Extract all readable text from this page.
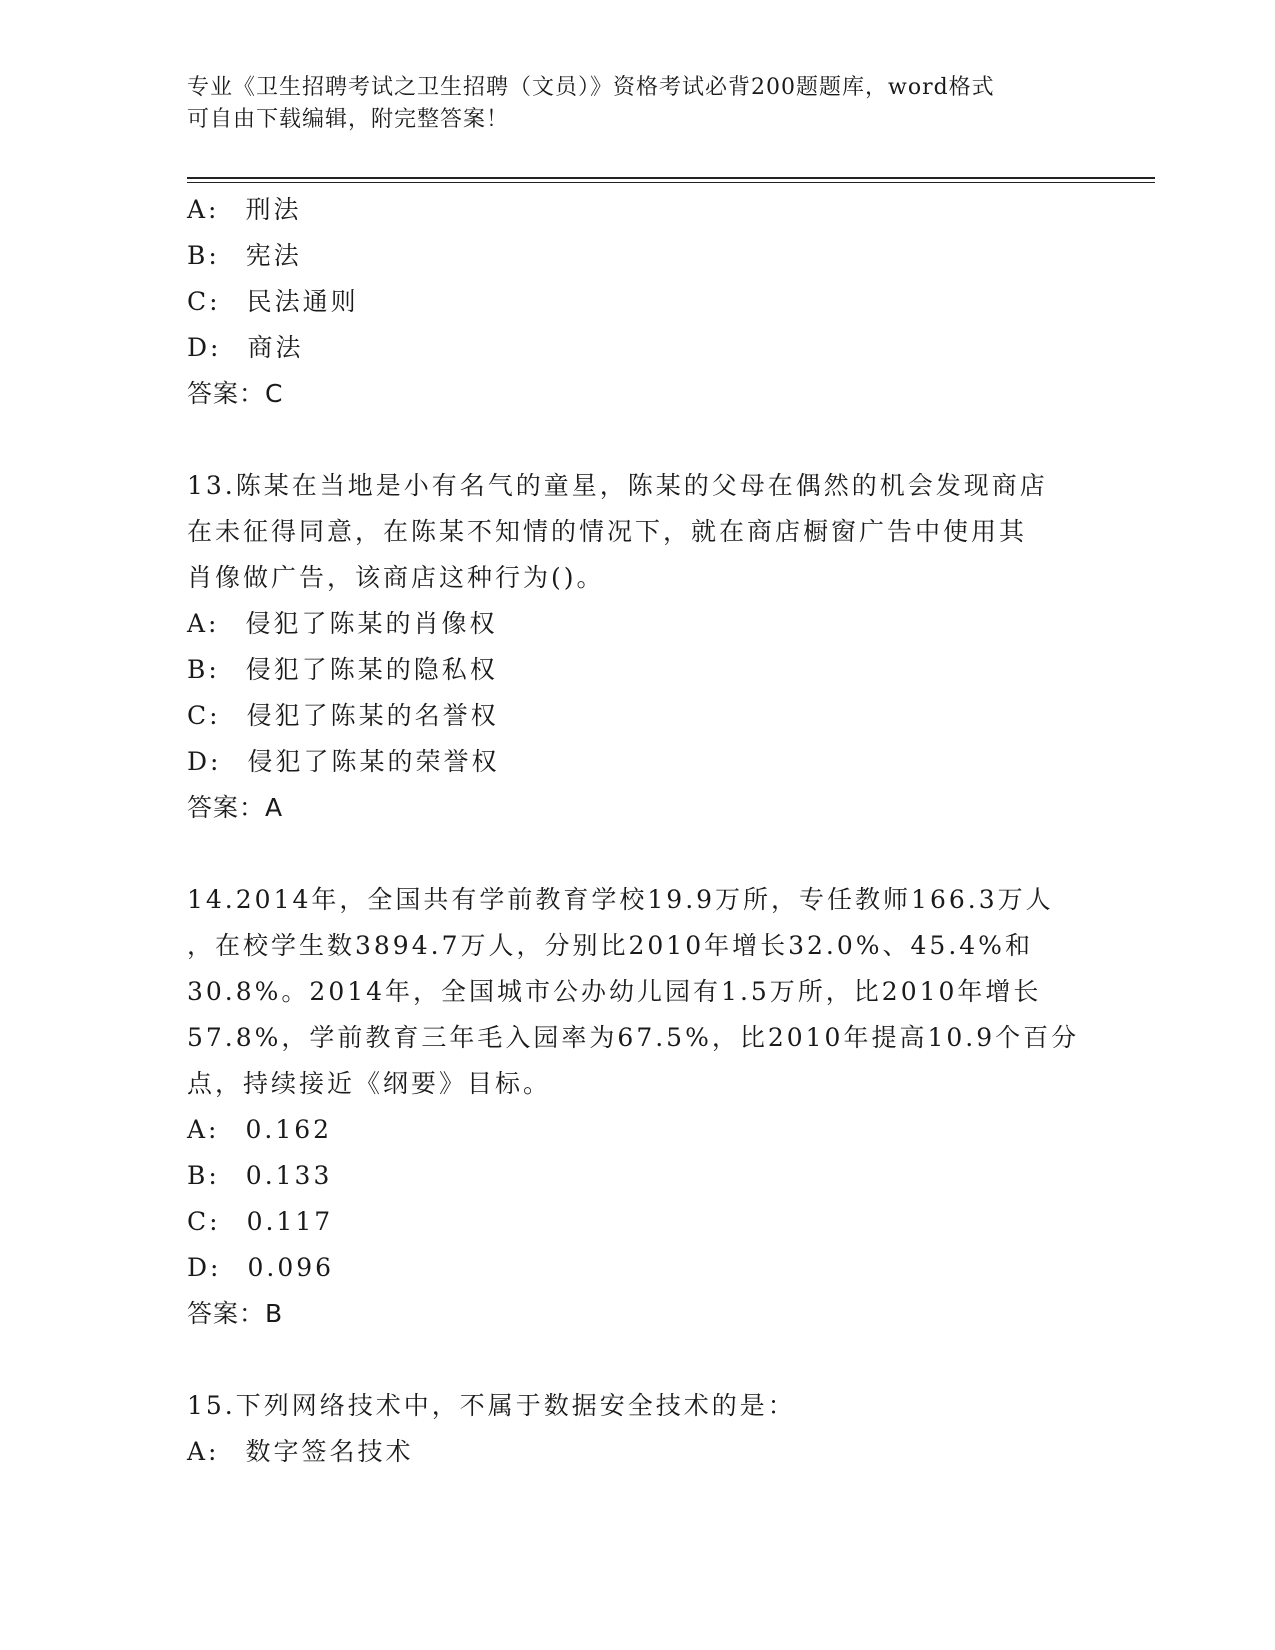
专业《卫生招聘考试之卫生招聘（文员）》资格考试必背200题题库，word格式
可自由下载编辑，附完整答案！
A: 刑法
B: 宪法
C: 民法通则
D: 商法
答案：C
13.陈某在当地是小有名气的童星，陈某的父母在偶然的机会发现商店
在未征得同意，在陈某不知情的情况下，就在商店橱窗广告中使用其
肖像做广告，该商店这种行为()。
A: 侵犯了陈某的肖像权
B: 侵犯了陈某的隐私权
C: 侵犯了陈某的名誉权
D: 侵犯了陈某的荣誉权
答案：A
14.2014年，全国共有学前教育学校19.9万所，专任教师166.3万人
，在校学生数3894.7万人，分别比2010年增长32.0%、45.4%和
30.8%。2014年，全国城市公办幼儿园有1.5万所，比2010年增长
57.8%，学前教育三年毛入园率为67.5%，比2010年提高10.9个百分
点，持续接近《纲要》目标。
A: 0.162
B: 0.133
C: 0.117
D: 0.096
答案：B
15.下列网络技术中，不属于数据安全技术的是：
A: 数字签名技术
